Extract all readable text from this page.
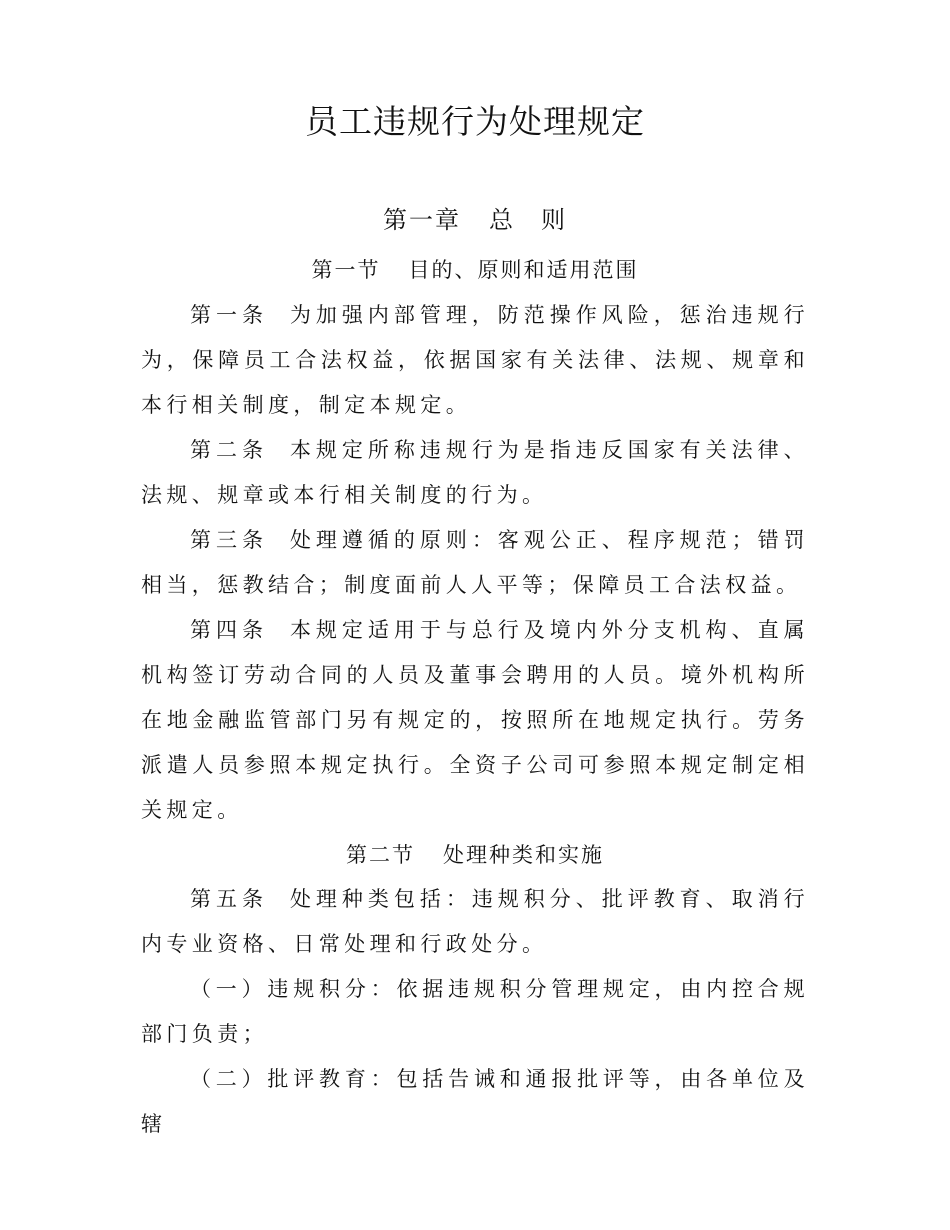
员工违规行为处理规定
第一章 总　则
第一节 目的、原则和适用范围

第一条 为加强内部管理，防范操作风险，惩治违规行为，保障员工合法权益，依据国家有关法律、法规、规章和本行相关制度，制定本规定。

第二条 本规定所称违规行为是指违反国家有关法律、法规、规章或本行相关制度的行为。

第三条 处理遵循的原则：客观公正、程序规范；错罚相当，惩教结合；制度面前人人平等；保障员工合法权益。

第四条 本规定适用于与总行及境内外分支机构、直属机构签订劳动合同的人员及董事会聘用的人员。境外机构所在地金融监管部门另有规定的，按照所在地规定执行。劳务派遣人员参照本规定执行。全资子公司可参照本规定制定相关规定。

第二节 处理种类和实施

第五条 处理种类包括：违规积分、批评教育、取消行内专业资格、日常处理和行政处分。

（一）违规积分：依据违规积分管理规定，由内控合规部门负责；

（二）批评教育：包括告诫和通报批评等，由各单位及辖
